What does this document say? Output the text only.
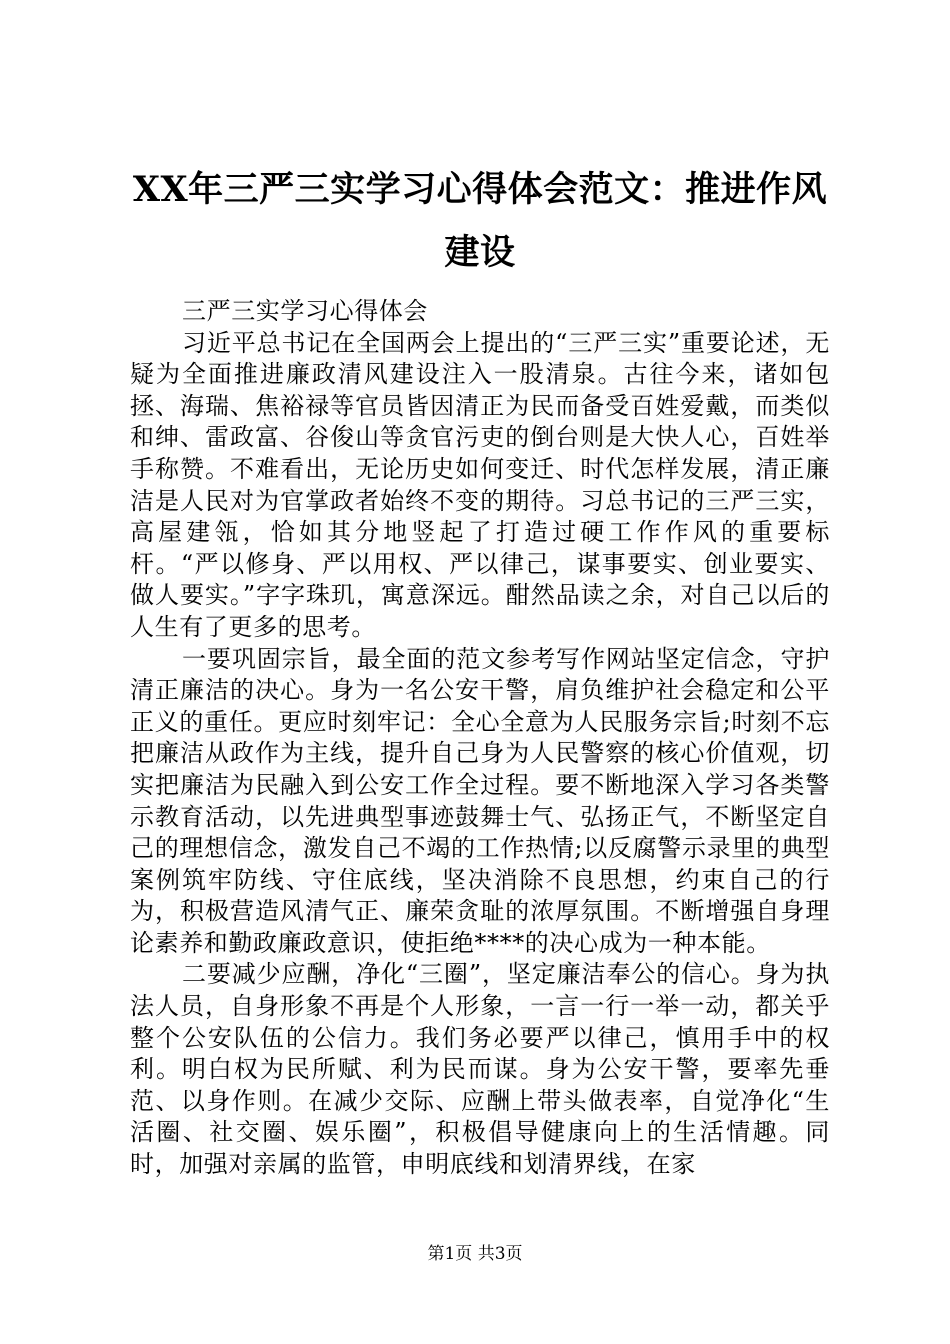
XX年三严三实学习心得体会范文：推进作风
建设

三严三实学习心得体会

习近平总书记在全国两会上提出的“三严三实”重要论述，无疑为全面推进廉政清风建设注入一股清泉。古往今来，诸如包拯、海瑞、焦裕禄等官员皆因清正为民而备受百姓爱戴，而类似和绅、雷政富、谷俊山等贪官污吏的倒台则是大快人心，百姓举手称赞。不难看出，无论历史如何变迁、时代怎样发展，清正廉洁是人民对为官掌政者始终不变的期待。习总书记的三严三实，高屋建瓴，恰如其分地竖起了打造过硬工作作风的重要标杆。“严以修身、严以用权、严以律己，谋事要实、创业要实、做人要实。”字字珠玑，寓意深远。酣然品读之余，对自己以后的人生有了更多的思考。

一要巩固宗旨，最全面的范文参考写作网站坚定信念，守护清正廉洁的决心。身为一名公安干警，肩负维护社会稳定和公平正义的重任。更应时刻牢记：全心全意为人民服务宗旨;时刻不忘把廉洁从政作为主线，提升自己身为人民警察的核心价值观，切实把廉洁为民融入到公安工作全过程。要不断地深入学习各类警示教育活动，以先进典型事迹鼓舞士气、弘扬正气，不断坚定自己的理想信念，激发自己不竭的工作热情;以反腐警示录里的典型案例筑牢防线、守住底线，坚决消除不良思想，约束自己的行为，积极营造风清气正、廉荣贪耻的浓厚氛围。不断增强自身理论素养和勤政廉政意识，使拒绝****的决心成为一种本能。

二要减少应酬，净化“三圈”，坚定廉洁奉公的信心。身为执法人员，自身形象不再是个人形象，一言一行一举一动，都关乎整个公安队伍的公信力。我们务必要严以律己，慎用手中的权利。明白权为民所赋、利为民而谋。身为公安干警，要率先垂范、以身作则。在减少交际、应酬上带头做表率，自觉净化“生活圈、社交圈、娱乐圈”，积极倡导健康向上的生活情趣。同时，加强对亲属的监管，申明底线和划清界线，在家

第1页 共3页
